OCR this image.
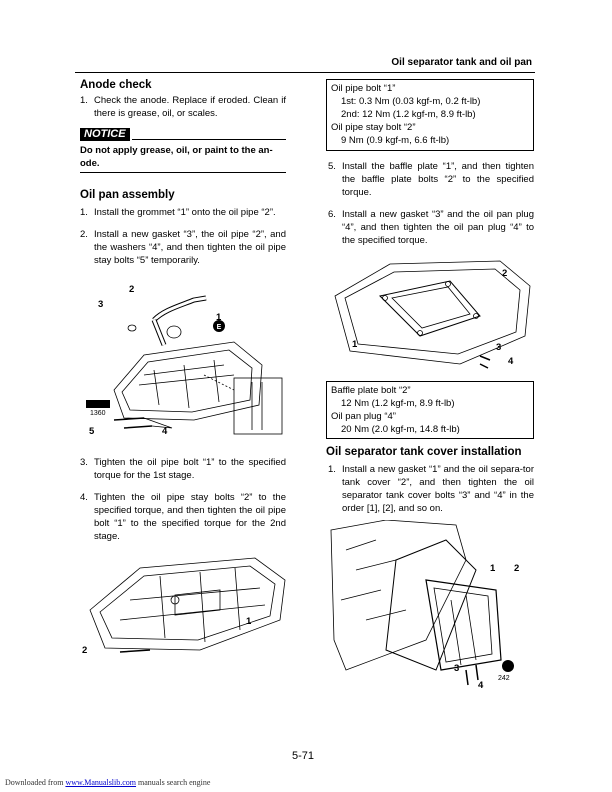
Oil separator tank and oil pan
Anode check
1. Check the anode. Replace if eroded. Clean if there is grease, oil, or scales.
NOTICE
Do not apply grease, oil, or paint to the an-ode.
Oil pan assembly
1. Install the grommet “1” onto the oil pipe “2”.
2. Install a new gasket “3”, the oil pipe “2”, and the washers “4”, and then tighten the oil pipe stay bolts “5” temporarily.
E
2
3
1
5	4
1360
3. Tighten the oil pipe bolt “1” to the specified torque for the 1st stage.
4. Tighten the oil pipe stay bolts “2” to the specified torque, and then tighten the oil pipe bolt “1” to the specified torque for the 2nd stage.
1
2
Oil pipe bolt “1”
1st: 0.3 Nm (0.03 kgf-m, 0.2 ft-lb)
2nd: 12 Nm (1.2 kgf-m, 8.9 ft-lb)
Oil pipe stay bolt “2”
9 Nm (0.9 kgf-m, 6.6 ft-lb)
5. Install the baffle plate “1”, and then tighten the baffle plate bolts “2” to the specified torque.
6. Install a new gasket “3” and the oil pan plug “4”, and then tighten the oil pan plug “4” to the specified torque.
2
1	3
4
Baffle plate bolt “2”
12 Nm (1.2 kgf-m, 8.9 ft-lb)
Oil pan plug “4”
20 Nm (2.0 kgf-m, 14.8 ft-lb)
Oil separator tank cover installation
1. Install a new gasket “1” and the oil separa-tor tank cover “2”, and then tighten the oil separator tank cover bolts “3” and “4” in the order [1], [2], and so on.
1 2
3
4
242
5-71
Downloaded from www.Manualslib.com manuals search engine
